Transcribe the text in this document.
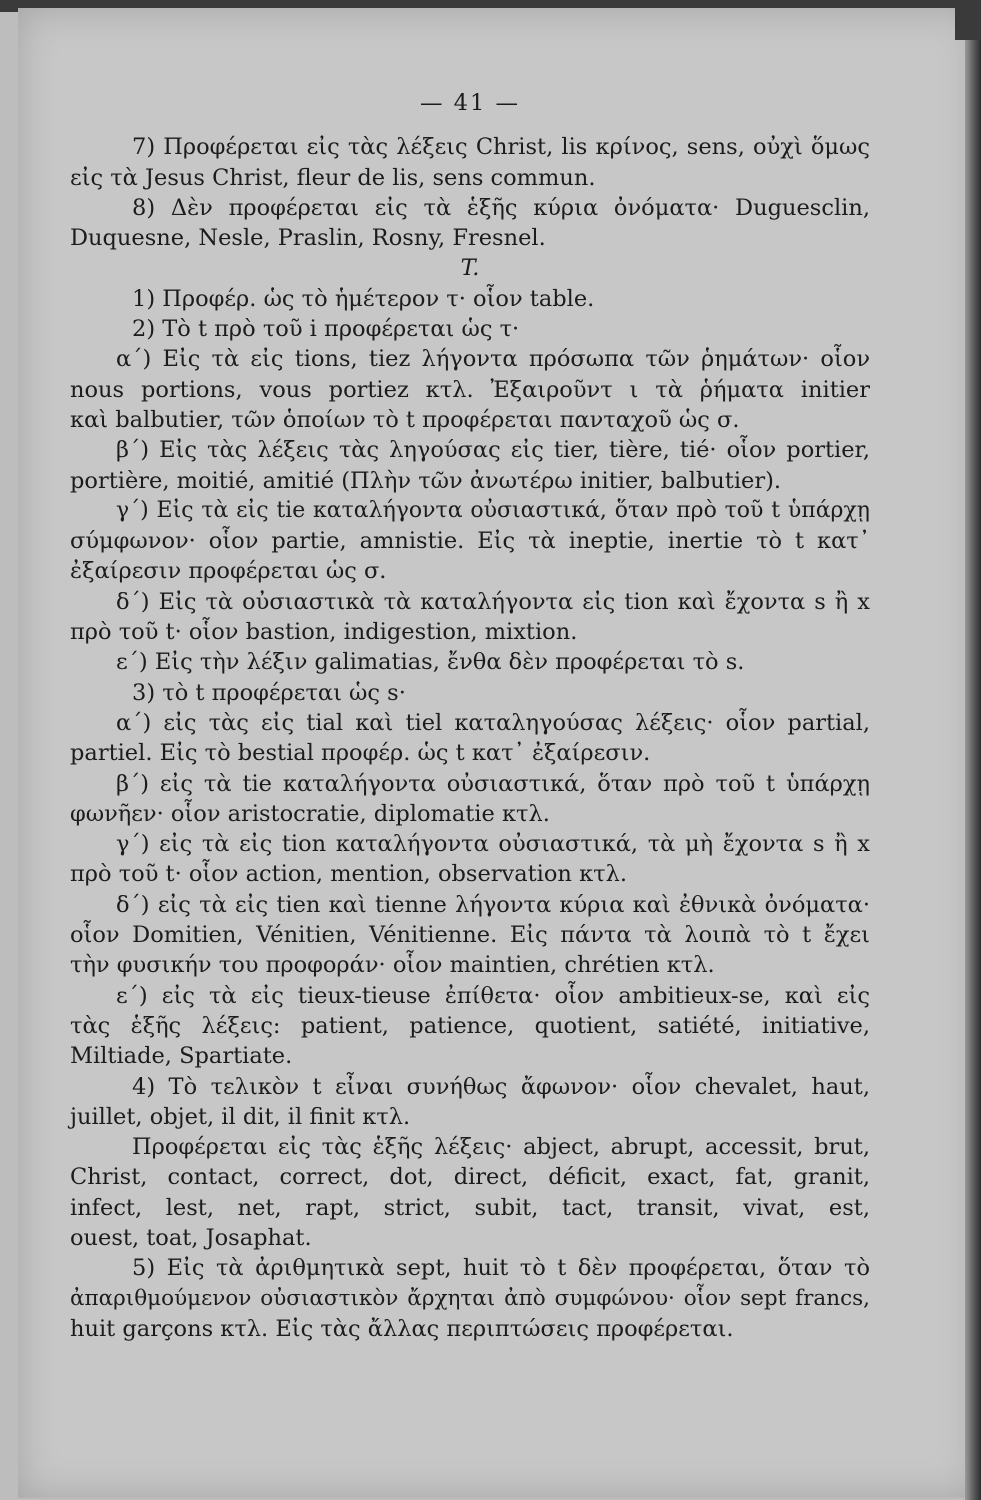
— 41 —
7) Προφέρεται εἰς τὰς λέξεις Christ, lis κρίνος, sens, οὐχὶ ὅμως
εἰς τὰ Jesus Christ, fleur de lis, sens commun.
8) Δὲν προφέρεται εἰς τὰ ἑξῆς κύρια ὀνόματα· Duguesclin,
Duquesne, Nesle, Praslin, Rosny, Fresnel.
T.
1) Προφέρ. ὡς τὸ ἡμέτερον τ· οἷον table.
2) Τὸ t πρὸ τοῦ i προφέρεται ὡς τ·
α΄) Εἰς τὰ εἰς tions, tiez λήγοντα πρόσωπα τῶν ῥημάτων· οἷον
nous portions, vous portiez κτλ. Ἐξαιροῦντ ι τὰ ῥήματα initier
καὶ balbutier, τῶν ὁποίων τὸ t προφέρεται πανταχοῦ ὡς σ.
β΄) Εἰς τὰς λέξεις τὰς ληγούσας εἰς tier, tière, tié· οἷον portier,
portière, moitié, amitié (Πλὴν τῶν ἀνωτέρω initier, balbutier).
γ΄) Εἰς τὰ εἰς tie καταλήγοντα οὐσιαστικά, ὅταν πρὸ τοῦ t ὑπάρχῃ
σύμφωνον· οἷον partie, amnistie. Εἰς τὰ ineptie, inertie τὸ t κατ᾽
ἐξαίρεσιν προφέρεται ὡς σ.
δ΄) Εἰς τὰ οὐσιαστικὰ τὰ καταλήγοντα εἰς tion καὶ ἔχοντα s ἢ x
πρὸ τοῦ t· οἷον bastion, indigestion, mixtion.
ε΄) Εἰς τὴν λέξιν galimatias, ἔνθα δὲν προφέρεται τὸ s.
3) τὸ t προφέρεται ὡς s·
α΄) εἰς τὰς εἰς tial καὶ tiel καταληγούσας λέξεις· οἷον partial,
partiel. Εἰς τὸ bestial προφέρ. ὡς t κατ᾽ ἐξαίρεσιν.
β΄) εἰς τὰ tie καταλήγοντα οὐσιαστικά, ὅταν πρὸ τοῦ t ὑπάρχῃ
φωνῆεν· οἷον aristocratie, diplomatie κτλ.
γ΄) εἰς τὰ εἰς tion καταλήγοντα οὐσιαστικά, τὰ μὴ ἔχοντα s ἢ x
πρὸ τοῦ t· οἷον action, mention, observation κτλ.
δ΄) εἰς τὰ εἰς tien καὶ tienne λήγοντα κύρια καὶ ἐθνικὰ ὀνόματα·
οἷον Domitien, Vénitien, Vénitienne. Εἰς πάντα τὰ λοιπὰ τὸ t ἔχει
τὴν φυσικήν του προφοράν· οἷον maintien, chrétien κτλ.
ε΄) εἰς τὰ εἰς tieux-tieuse ἐπίθετα· οἷον ambitieux-se, καὶ εἰς
τὰς ἑξῆς λέξεις: patient, patience, quotient, satiété, initiative,
Miltiade, Spartiate.
4) Τὸ τελικὸν t εἶναι συνήθως ἄφωνον· οἷον chevalet, haut,
juillet, objet, il dit, il finit κτλ.
Προφέρεται εἰς τὰς ἑξῆς λέξεις· abject, abrupt, accessit, brut,
Christ, contact, correct, dot, direct, déficit, exact, fat, granit,
infect, lest, net, rapt, strict, subit, tact, transit, vivat, est,
ouest, toat, Josaphat.
5) Εἰς τὰ ἀριθμητικὰ sept, huit τὸ t δὲν προφέρεται, ὅταν τὸ
ἀπαριθμούμενον οὐσιαστικὸν ἄρχηται ἀπὸ συμφώνου· οἷον sept francs,
huit garçons κτλ. Εἰς τὰς ἄλλας περιπτώσεις προφέρεται.
